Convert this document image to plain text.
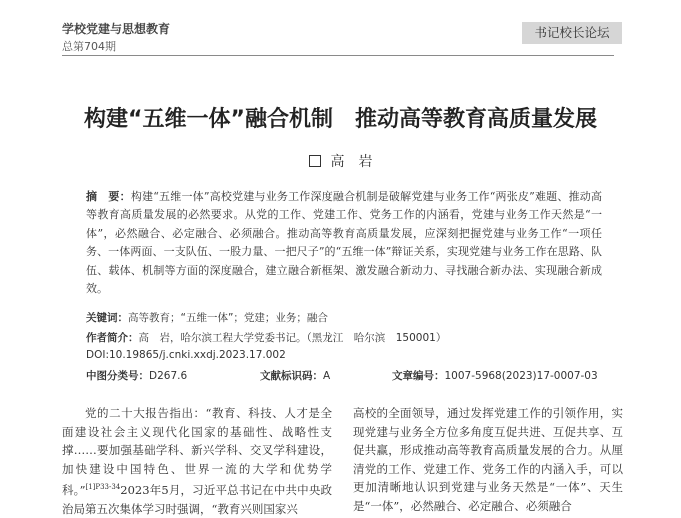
学校党建与思想教育
总第704期
书记校长论坛
构建“五维一体”融合机制　推动高等教育高质量发展
高　岩
摘　要：构建“五维一体”高校党建与业务工作深度融合机制是破解党建与业务工作“两张皮”难题、推动高等教育高质量发展的必然要求。从党的工作、党建工作、党务工作的内涵看，党建与业务工作天然是“一体”，必然融合、必定融合、必须融合。推动高等教育高质量发展，应深刻把握党建与业务工作“一项任务、一体两面、一支队伍、一股力量、一把尺子”的“五维一体”辩证关系，实现党建与业务工作在思路、队伍、载体、机制等方面的深度融合，建立融合新框架、激发融合新动力、寻找融合新办法、实现融合新成效。
关键词：高等教育；“五维一体”；党建；业务；融合
作者简介：高　岩，哈尔滨工程大学党委书记。（黑龙江　哈尔滨　150001）
DOI:10.19865/j.cnki.xxdj.2023.17.002
中图分类号：D267.6	文献标识码：A	文章编号：1007-5968(2023)17-0007-03
党的二十大报告指出：“教育、科技、人才是全面建设社会主义现代化国家的基础性、战略性支撑……要加强基础学科、新兴学科、交叉学科建设，加快建设中国特色、世界一流的大学和优势学科。”$^{[1]P33-34}$2023年5月，习近平总书记在中共中央政治局第五次集体学习时强调，“教育兴则国家兴
高校的全面领导，通过发挥党建工作的引领作用，实现党建与业务全方位多角度互促共进、互促共享、互促共赢，形成推动高等教育高质量发展的合力。从厘清党的工作、党建工作、党务工作的内涵入手，可以更加清晰地认识到党建与业务天然是“一体”、天生是“一体”，必然融合、必定融合、必须融合
